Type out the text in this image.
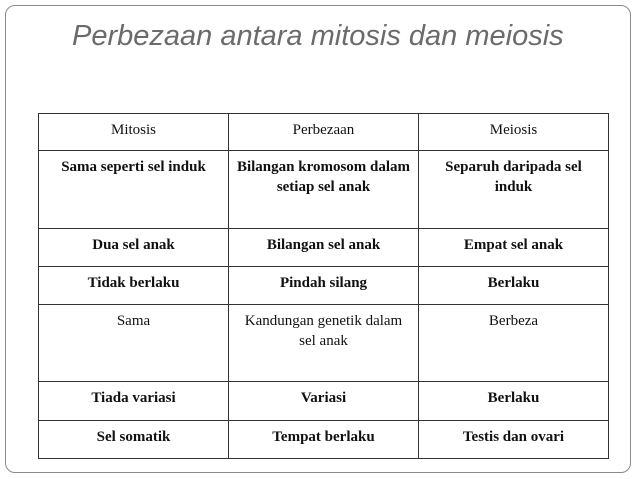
Perbezaan antara mitosis dan meiosis
Mitosis	Perbezaan	Meiosis
Sama seperti sel induk	Bilangan kromosom dalam setiap sel anak	Separuh daripada sel induk
Dua sel anak	Bilangan sel anak	Empat sel anak
Tidak berlaku	Pindah silang	Berlaku
Sama	Kandungan genetik dalam sel anak	Berbeza
Tiada variasi	Variasi	Berlaku
Sel somatik	Tempat berlaku	Testis dan ovari
